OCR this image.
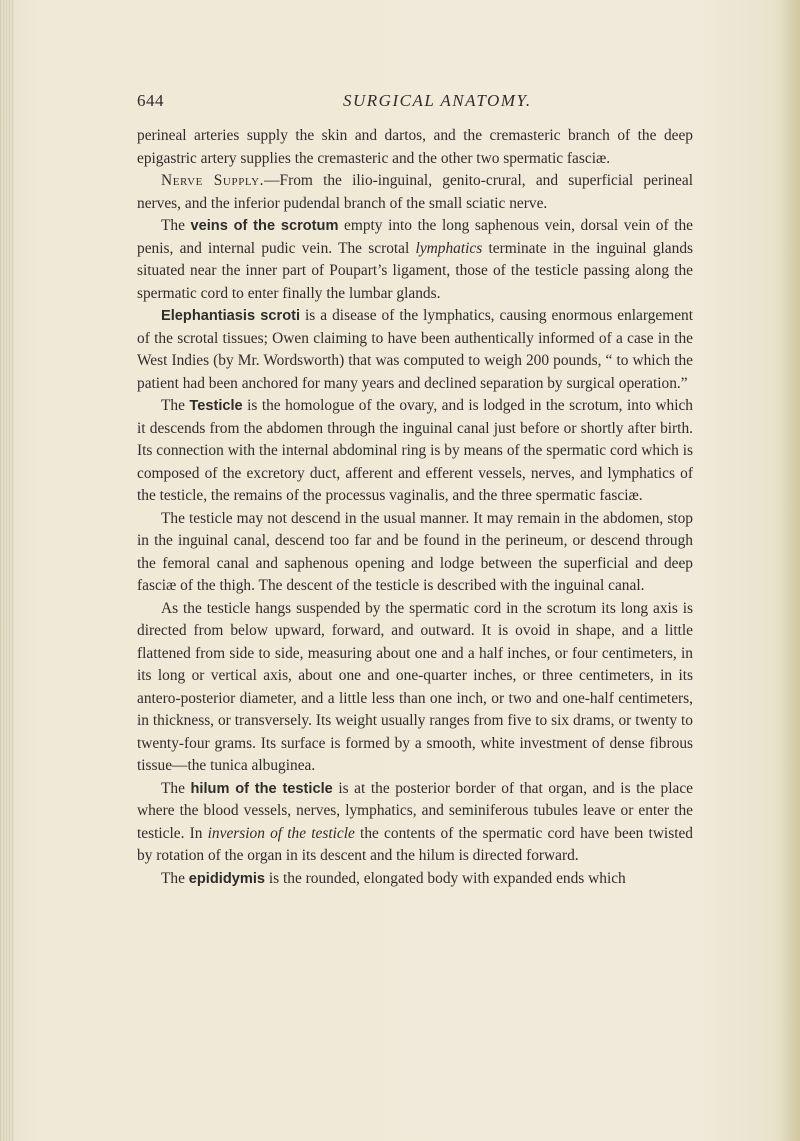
644	SURGICAL ANATOMY.

perineal arteries supply the skin and dartos, and the cremasteric branch of the deep epigastric artery supplies the cremasteric and the other two spermatic fasciæ.

Nerve Supply.—From the ilio-inguinal, genito-crural, and superficial perineal nerves, and the inferior pudendal branch of the small sciatic nerve.

The veins of the scrotum empty into the long saphenous vein, dorsal vein of the penis, and internal pudic vein. The scrotal lymphatics terminate in the inguinal glands situated near the inner part of Poupart’s ligament, those of the testicle passing along the spermatic cord to enter finally the lumbar glands.

Elephantiasis scroti is a disease of the lymphatics, causing enormous enlargement of the scrotal tissues; Owen claiming to have been authentically informed of a case in the West Indies (by Mr. Wordsworth) that was computed to weigh 200 pounds, “ to which the patient had been anchored for many years and declined separation by surgical operation.”

The Testicle is the homologue of the ovary, and is lodged in the scrotum, into which it descends from the abdomen through the inguinal canal just before or shortly after birth. Its connection with the internal abdominal ring is by means of the spermatic cord which is composed of the excretory duct, afferent and efferent vessels, nerves, and lymphatics of the testicle, the remains of the processus vaginalis, and the three spermatic fasciæ.

The testicle may not descend in the usual manner. It may remain in the abdomen, stop in the inguinal canal, descend too far and be found in the perineum, or descend through the femoral canal and saphenous opening and lodge between the superficial and deep fasciæ of the thigh. The descent of the testicle is described with the inguinal canal.

As the testicle hangs suspended by the spermatic cord in the scrotum its long axis is directed from below upward, forward, and outward. It is ovoid in shape, and a little flattened from side to side, measuring about one and a half inches, or four centimeters, in its long or vertical axis, about one and one-quarter inches, or three centimeters, in its antero-posterior diameter, and a little less than one inch, or two and one-half centimeters, in thickness, or transversely. Its weight usually ranges from five to six drams, or twenty to twenty-four grams. Its surface is formed by a smooth, white investment of dense fibrous tissue—the tunica albuginea.

The hilum of the testicle is at the posterior border of that organ, and is the place where the blood vessels, nerves, lymphatics, and seminiferous tubules leave or enter the testicle. In inversion of the testicle the contents of the spermatic cord have been twisted by rotation of the organ in its descent and the hilum is directed forward.

The epididymis is the rounded, elongated body with expanded ends which
